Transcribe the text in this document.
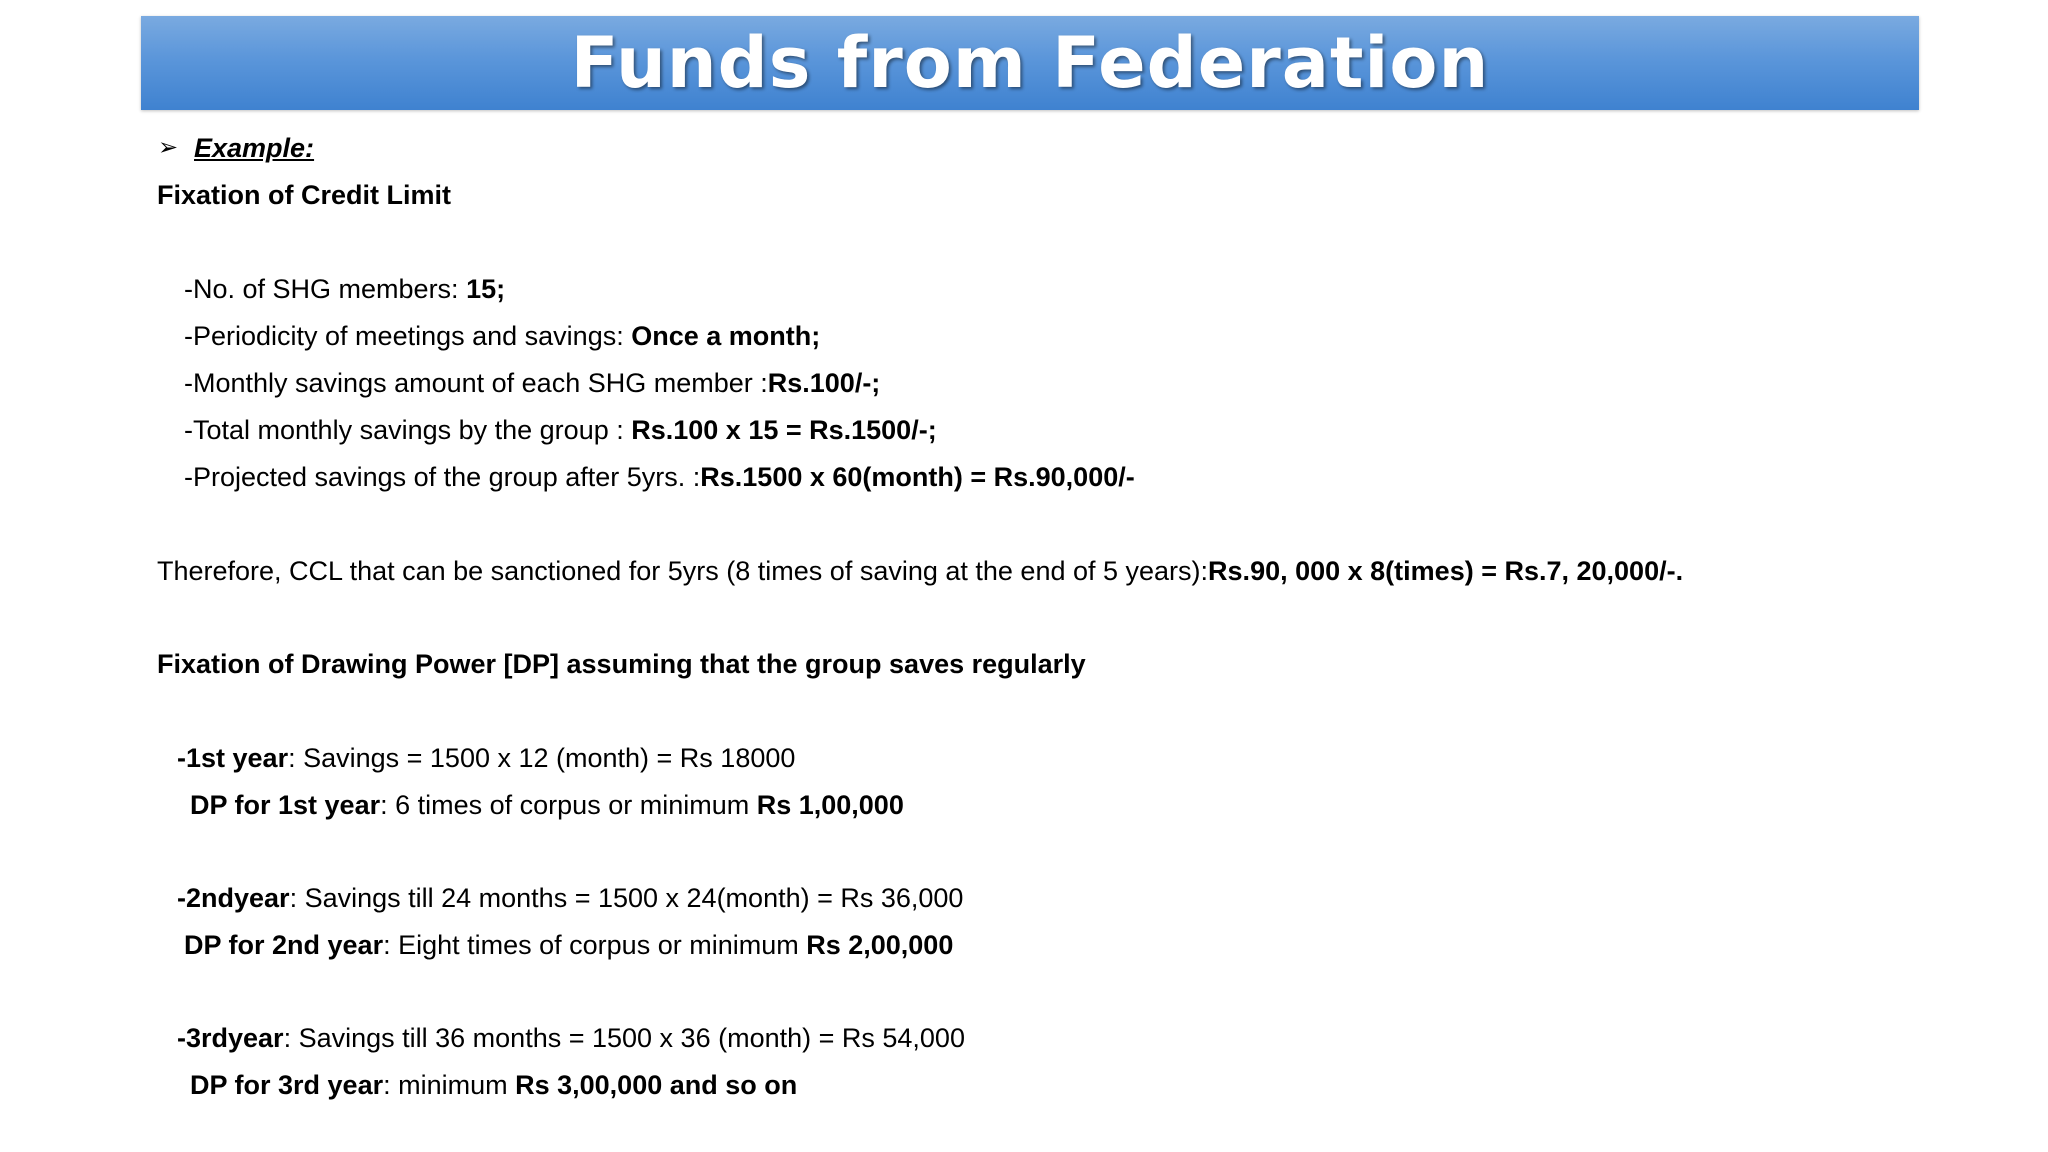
Funds from Federation
➢ Example:
Fixation of Credit Limit
-No. of SHG members: 15;
-Periodicity of meetings and savings: Once a month;
-Monthly savings amount of each SHG member :Rs.100/-;
-Total monthly savings by the group : Rs.100 x 15 = Rs.1500/-;
-Projected savings of the group after 5yrs. :Rs.1500 x 60(month) = Rs.90,000/-
Therefore, CCL that can be sanctioned for 5yrs (8 times of saving at the end of 5 years):Rs.90, 000 x 8(times) = Rs.7, 20,000/-.
Fixation of Drawing Power [DP] assuming that the group saves regularly
-1st year: Savings = 1500 x 12 (month) = Rs 18000
DP for 1st year: 6 times of corpus or minimum Rs 1,00,000
-2ndyear: Savings till 24 months = 1500 x 24(month) = Rs 36,000
DP for 2nd year: Eight times of corpus or minimum Rs 2,00,000
-3rdyear: Savings till 36 months = 1500 x 36 (month) = Rs 54,000
DP for 3rd year: minimum Rs 3,00,000 and so on
